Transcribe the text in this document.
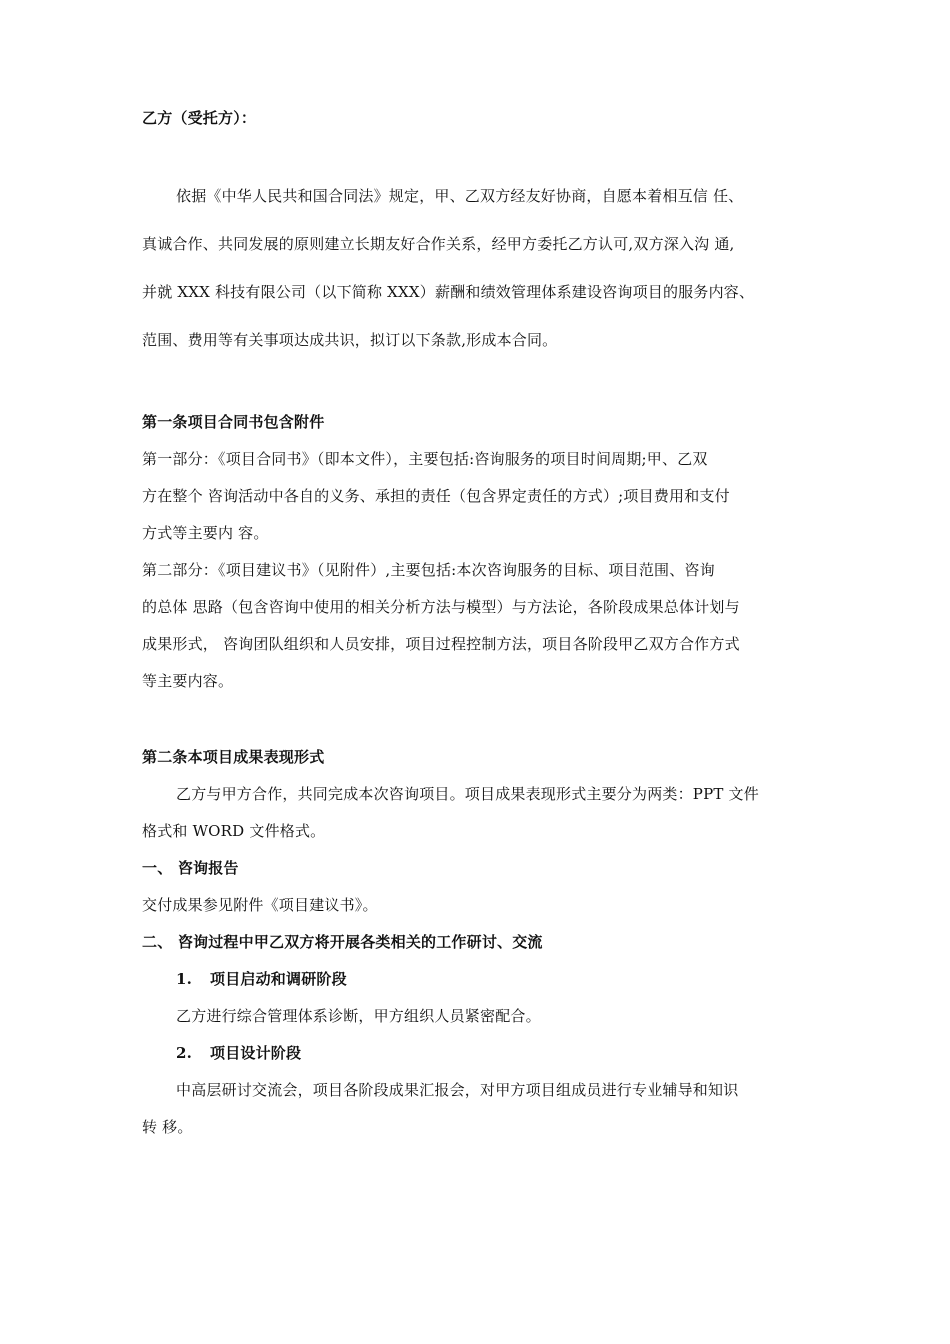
乙方（受托方）：
依据《中华人民共和国合同法》规定，甲、乙双方经友好协商，自愿本着相互信 任、
真诚合作、共同发展的原则建立长期友好合作关系，经甲方委托乙方认可,双方深入沟 通,
并就 XXX 科技有限公司（以下简称 XXX）薪酬和绩效管理体系建设咨询项目的服务内容、
范围、费用等有关事项达成共识，拟订以下条款,形成本合同。
第一条项目合同书包含附件
第一部分：《项目合同书》（即本文件），主要包括:咨询服务的项目时间周期;甲、乙双
方在整个 咨询活动中各自的义务、承担的责任（包含界定责任的方式）;项目费用和支付
方式等主要内 容。
第二部分：《项目建议书》（见附件）,主要包括:本次咨询服务的目标、项目范围、咨询
的总体 思路（包含咨询中使用的相关分析方法与模型）与方法论，各阶段成果总体计划与
成果形式， 咨询团队组织和人员安排，项目过程控制方法，项目各阶段甲乙双方合作方式
等主要内容。
第二条本项目成果表现形式
乙方与甲方合作，共同完成本次咨询项目。项目成果表现形式主要分为两类：PPT 文件
格式和 WORD 文件格式。
一、 咨询报告
交付成果参见附件《项目建议书》。
二、 咨询过程中甲乙双方将开展各类相关的工作研讨、交流
1. 项目启动和调研阶段
乙方进行综合管理体系诊断，甲方组织人员紧密配合。
2. 项目设计阶段
中高层研讨交流会，项目各阶段成果汇报会，对甲方项目组成员进行专业辅导和知识
转 移。
